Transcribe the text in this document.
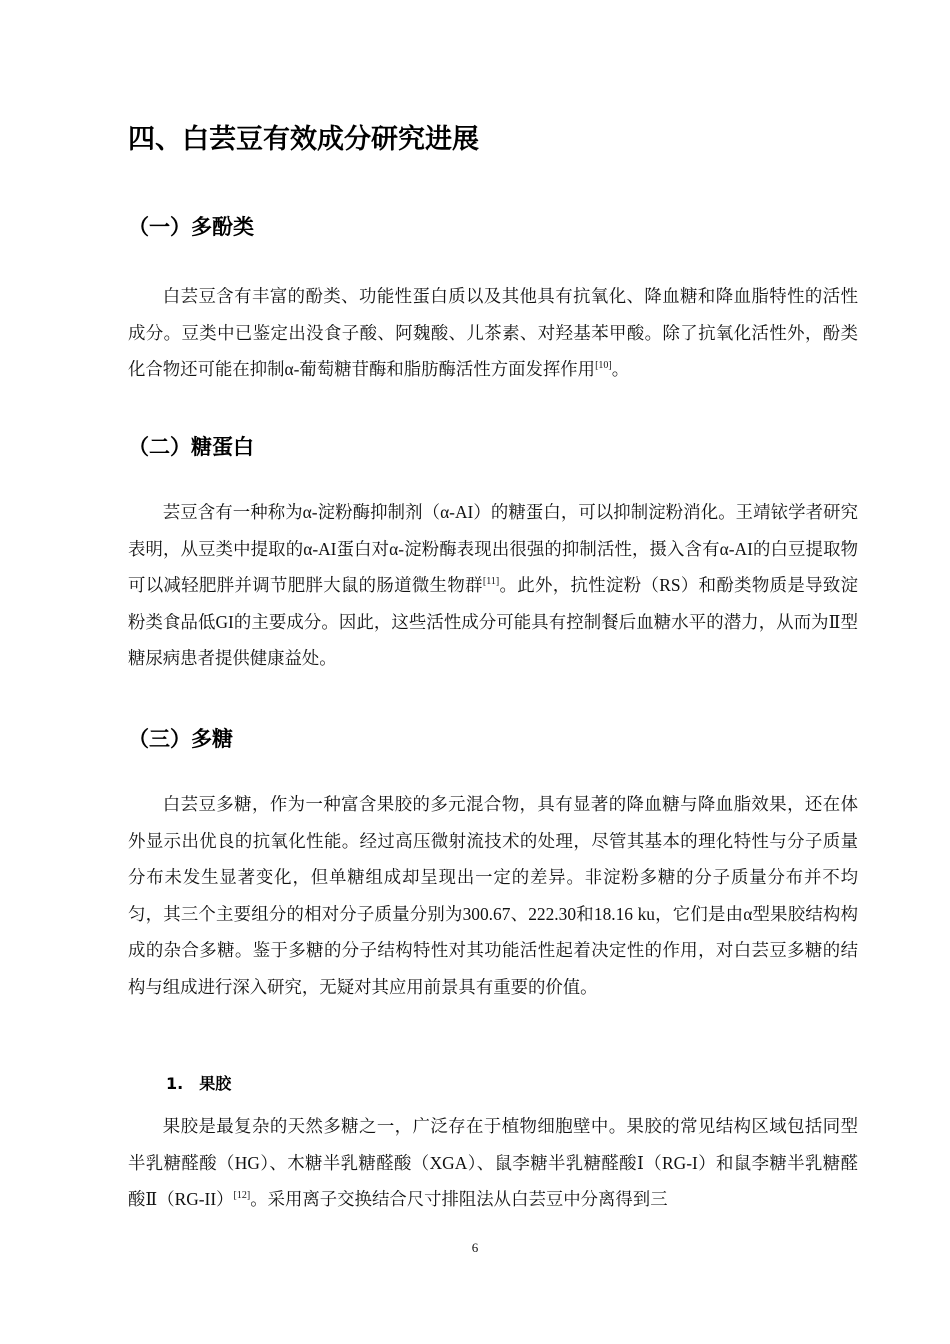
四、白芸豆有效成分研究进展
（一）多酚类

白芸豆含有丰富的酚类、功能性蛋白质以及其他具有抗氧化、降血糖和降血脂特性的活性成分。豆类中已鉴定出没食子酸、阿魏酸、儿茶素、对羟基苯甲酸。除了抗氧化活性外，酚类化合物还可能在抑制α-葡萄糖苷酶和脂肪酶活性方面发挥作用[10]。

（二）糖蛋白

芸豆含有一种称为α-淀粉酶抑制剂（α-AI）的糖蛋白，可以抑制淀粉消化。王靖铱学者研究表明，从豆类中提取的α-AI蛋白对α-淀粉酶表现出很强的抑制活性，摄入含有α-AI的白豆提取物可以减轻肥胖并调节肥胖大鼠的肠道微生物群[11]。此外，抗性淀粉（RS）和酚类物质是导致淀粉类食品低GI的主要成分。因此，这些活性成分可能具有控制餐后血糖水平的潜力，从而为Ⅱ型糖尿病患者提供健康益处。

（三）多糖

白芸豆多糖，作为一种富含果胶的多元混合物，具有显著的降血糖与降血脂效果，还在体外显示出优良的抗氧化性能。经过高压微射流技术的处理，尽管其基本的理化特性与分子质量分布未发生显著变化，但单糖组成却呈现出一定的差异。非淀粉多糖的分子质量分布并不均匀，其三个主要组分的相对分子质量分别为300.67、222.30和18.16 ku，它们是由α型果胶结构构成的杂合多糖。鉴于多糖的分子结构特性对其功能活性起着决定性的作用，对白芸豆多糖的结构与组成进行深入研究，无疑对其应用前景具有重要的价值。

1.　果胶

果胶是最复杂的天然多糖之一，广泛存在于植物细胞壁中。果胶的常见结构区域包括同型半乳糖醛酸（HG）、木糖半乳糖醛酸（XGA）、鼠李糖半乳糖醛酸Ⅰ（RG-I）和鼠李糖半乳糖醛酸Ⅱ（RG-II）[12]。采用离子交换结合尺寸排阻法从白芸豆中分离得到三

6
